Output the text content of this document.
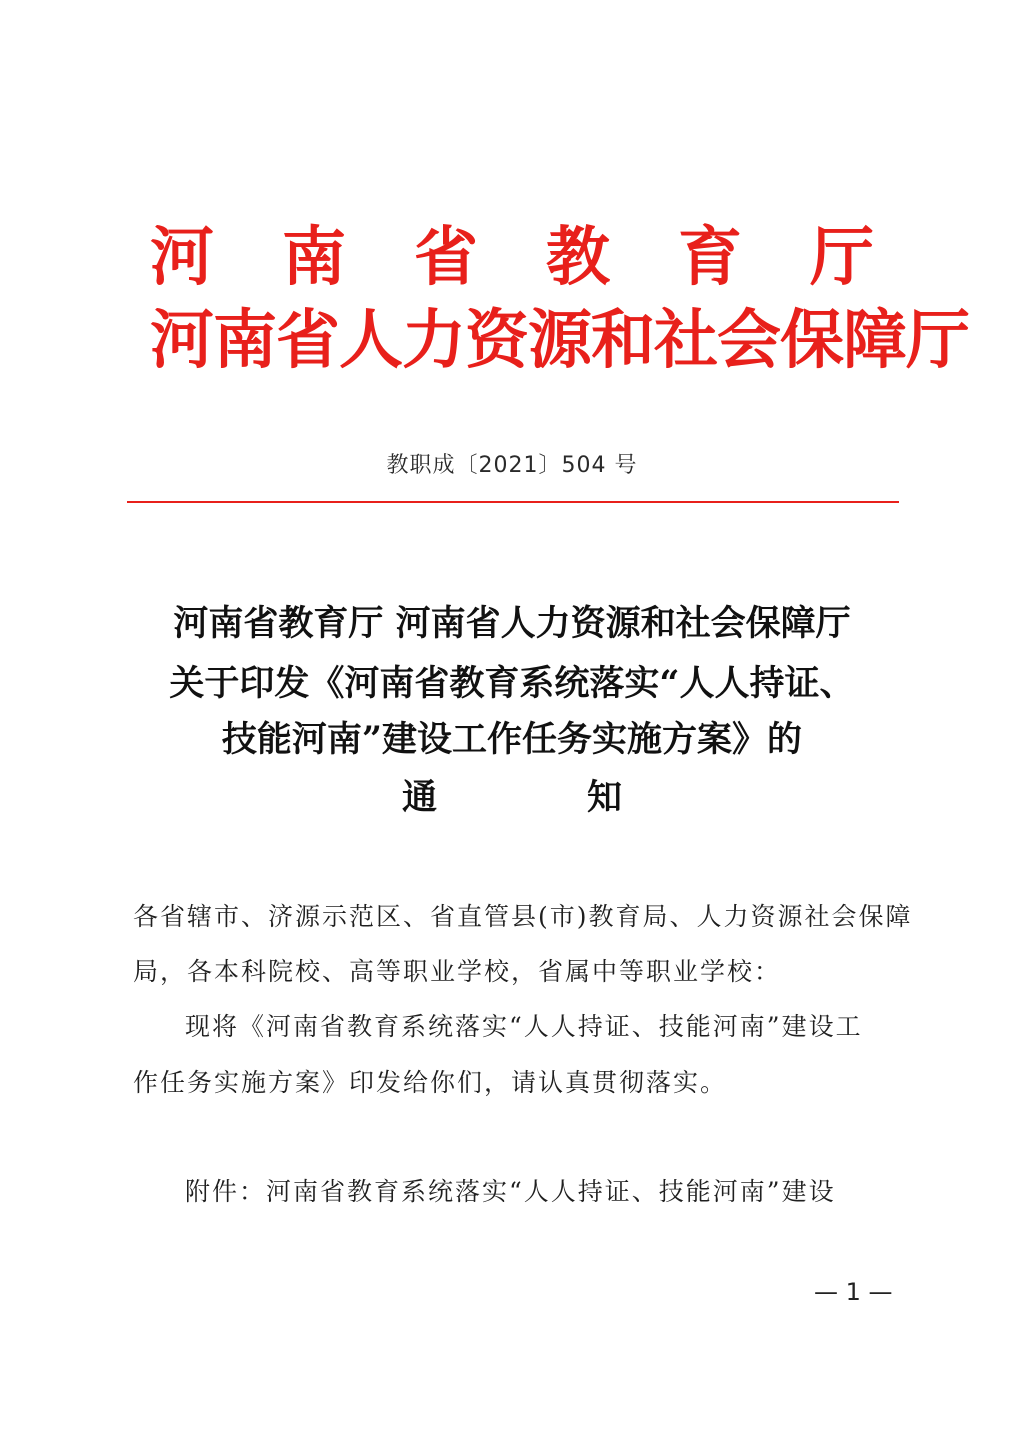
河 南 省 教 育 厅
河南省人力资源和社会保障厅
教职成〔2021〕504 号
河南省教育厅 河南省人力资源和社会保障厅
关于印发《河南省教育系统落实“人人持证、
技能河南”建设工作任务实施方案》的
通	知
各省辖市、济源示范区、省直管县(市)教育局、人力资源社会保障
局，各本科院校、高等职业学校，省属中等职业学校：
现将《河南省教育系统落实“人人持证、技能河南”建设工
作任务实施方案》印发给你们，请认真贯彻落实。
附件：河南省教育系统落实“人人持证、技能河南”建设
— 1 —
